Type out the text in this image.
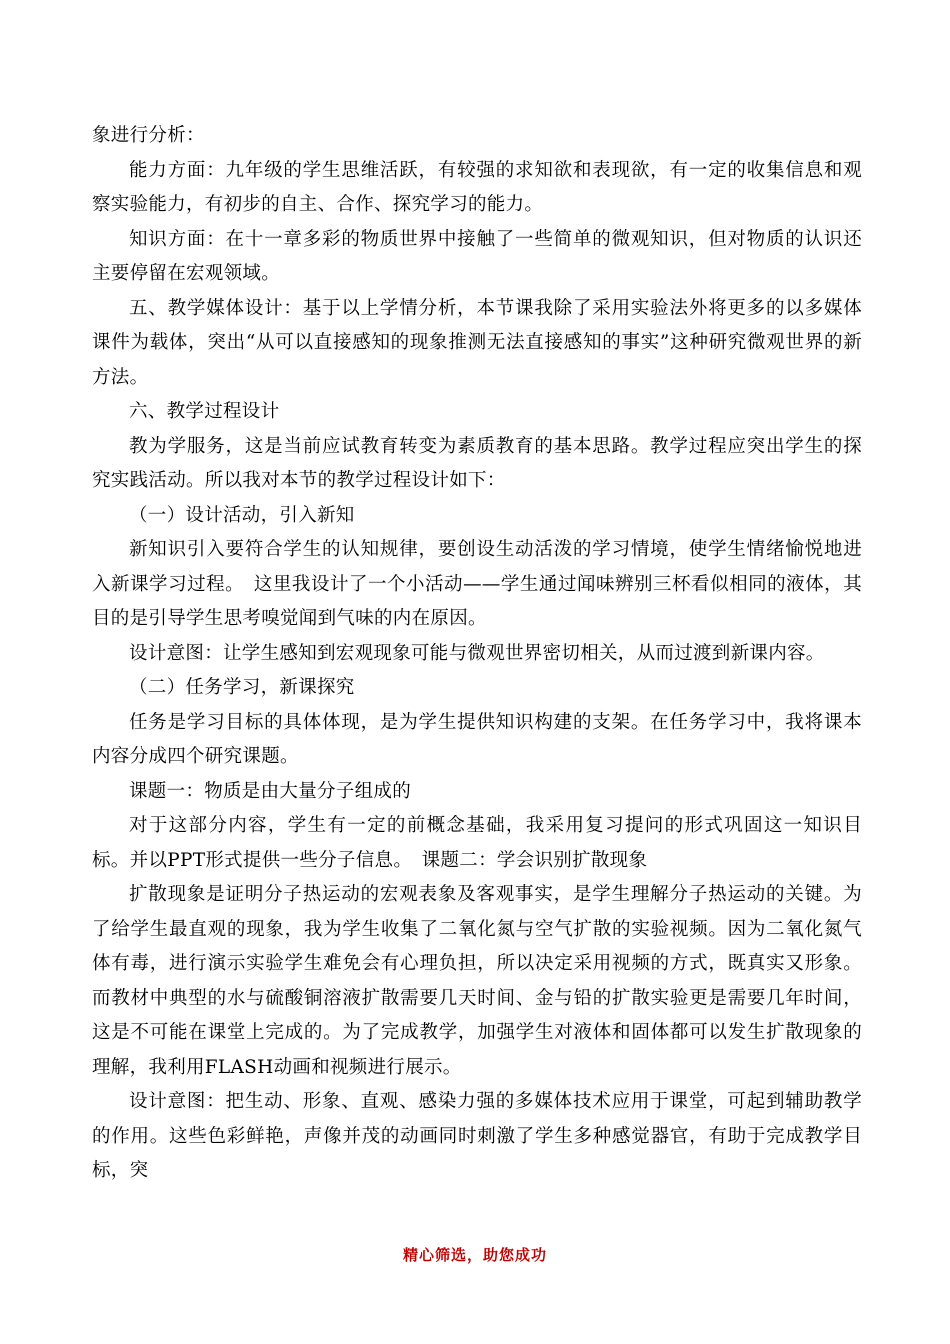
象进行分析：

能力方面：九年级的学生思维活跃，有较强的求知欲和表现欲，有一定的收集信息和观察实验能力，有初步的自主、合作、探究学习的能力。

知识方面：在十一章多彩的物质世界中接触了一些简单的微观知识，但对物质的认识还主要停留在宏观领域。

五、教学媒体设计：基于以上学情分析，本节课我除了采用实验法外将更多的以多媒体课件为载体，突出“从可以直接感知的现象推测无法直接感知的事实”这种研究微观世界的新方法。

六、教学过程设计

教为学服务，这是当前应试教育转变为素质教育的基本思路。教学过程应突出学生的探究实践活动。所以我对本节的教学过程设计如下：

（一）设计活动，引入新知

新知识引入要符合学生的认知规律，要创设生动活泼的学习情境，使学生情绪愉悦地进入新课学习过程。　这里我设计了一个小活动——学生通过闻味辨别三杯看似相同的液体，其目的是引导学生思考嗅觉闻到气味的内在原因。

设计意图：让学生感知到宏观现象可能与微观世界密切相关，从而过渡到新课内容。

（二）任务学习，新课探究

任务是学习目标的具体体现，是为学生提供知识构建的支架。在任务学习中，我将课本内容分成四个研究课题。

课题一：物质是由大量分子组成的

对于这部分内容，学生有一定的前概念基础，我采用复习提问的形式巩固这一知识目标。并以PPT形式提供一些分子信息。　课题二：学会识别扩散现象

扩散现象是证明分子热运动的宏观表象及客观事实，是学生理解分子热运动的关键。为了给学生最直观的现象，我为学生收集了二氧化氮与空气扩散的实验视频。因为二氧化氮气体有毒，进行演示实验学生难免会有心理负担，所以决定采用视频的方式，既真实又形象。而教材中典型的水与硫酸铜溶液扩散需要几天时间、金与铅的扩散实验更是需要几年时间，这是不可能在课堂上完成的。为了完成教学，加强学生对液体和固体都可以发生扩散现象的理解，我利用FLASH动画和视频进行展示。

设计意图：把生动、形象、直观、感染力强的多媒体技术应用于课堂，可起到辅助教学的作用。这些色彩鲜艳，声像并茂的动画同时刺激了学生多种感觉器官，有助于完成教学目标，突

精心筛选，助您成功
